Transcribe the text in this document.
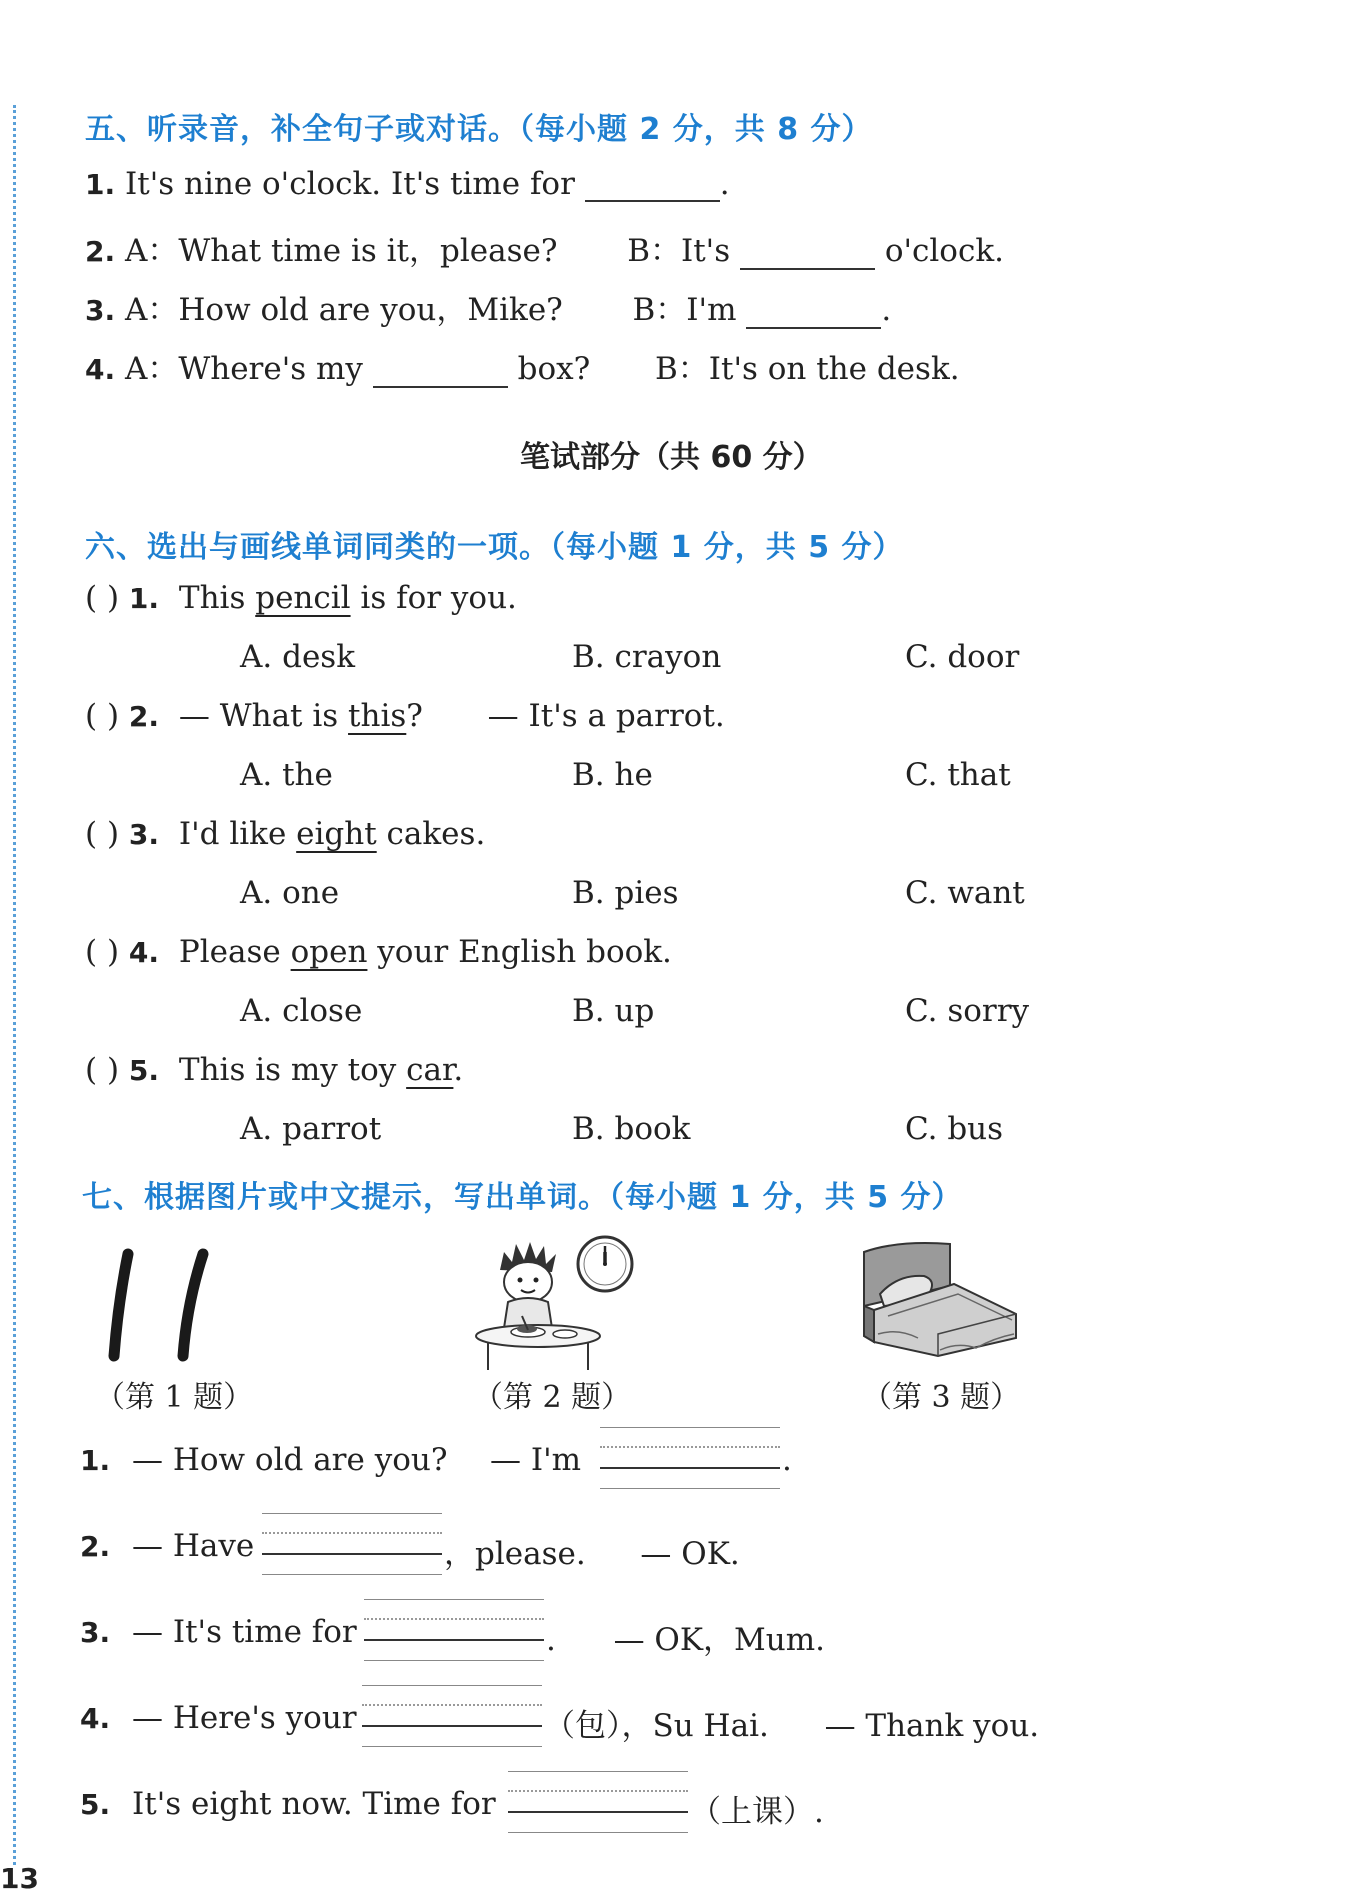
五、听录音，补全句子或对话。（每小题 2 分，共 8 分）
1. It's nine o'clock. It's time for	.
2. A：What time is it，please? B：It's	o'clock.
3. A：How old are you，Mike? B：I'm	.
4. A：Where's my	box? B：It's on the desk.
笔试部分（共 60 分）
六、选出与画线单词同类的一项。（每小题 1 分，共 5 分）
( ) 1. This pencil is for you.
A. desk	B. crayon	C. door
( ) 2. — What is this? — It's a parrot.
A. the	B. he	C. that
( ) 3. I'd like eight cakes.
A. one	B. pies	C. want
( ) 4. Please open your English book.
A. close	B. up	C. sorry
( ) 5. This is my toy car.
A. parrot	B. book	C. bus
七、根据图片或中文提示，写出单词。（每小题 1 分，共 5 分）
（第 1 题）	（第 2 题）	（第 3 题）
1. — How old are you? — I'm	.
2. — Have	，please. — OK.
3. — It's time for	. — OK，Mum.
4. — Here's your	（包），Su Hai. — Thank you.
5. It's eight now. Time for	（上课）.
13
